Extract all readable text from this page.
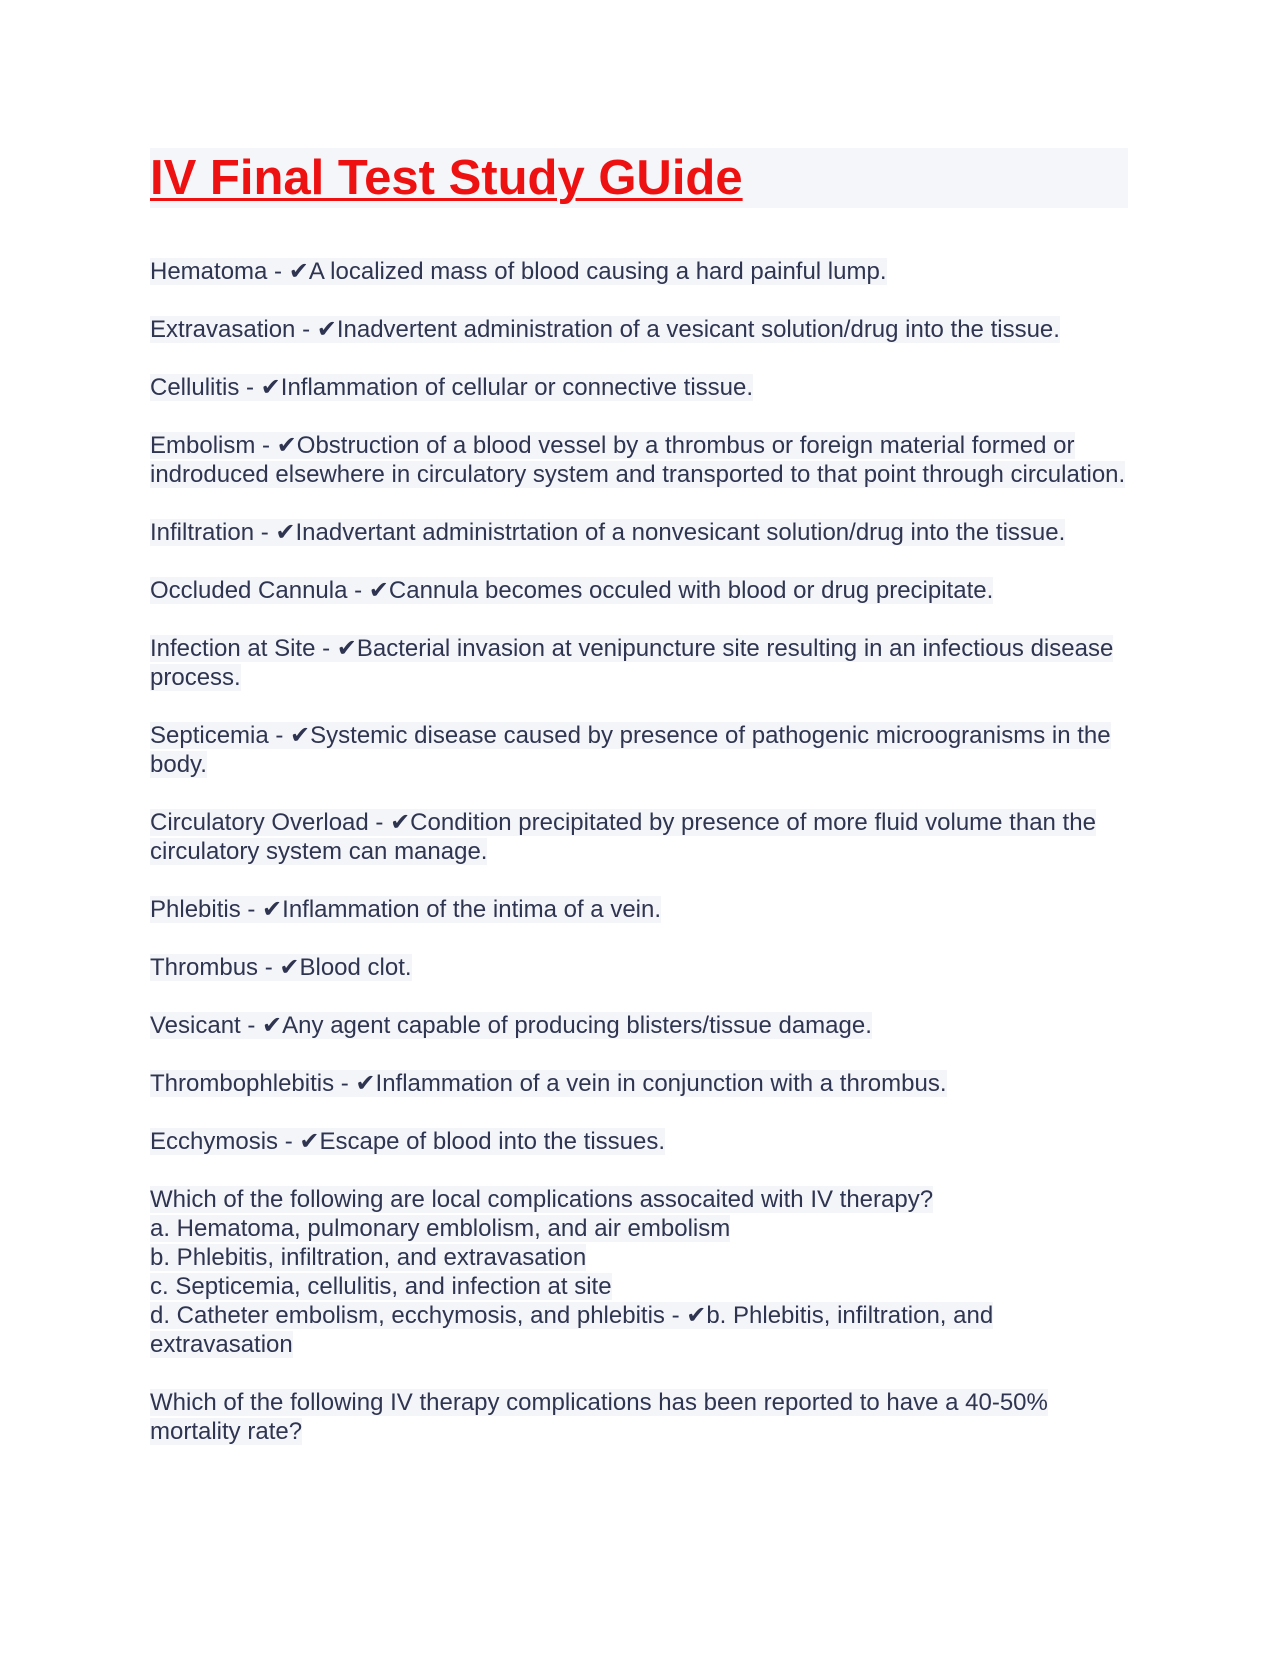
IV Final Test Study GUide

Hematoma - ✔A localized mass of blood causing a hard painful lump.

Extravasation - ✔Inadvertent administration of a vesicant solution/drug into the tissue.

Cellulitis - ✔Inflammation of cellular or connective tissue.

Embolism - ✔Obstruction of a blood vessel by a thrombus or foreign material formed or indroduced elsewhere in circulatory system and transported to that point through circulation.

Infiltration - ✔Inadvertant administrtation of a nonvesicant solution/drug into the tissue.

Occluded Cannula - ✔Cannula becomes occuled with blood or drug precipitate.

Infection at Site - ✔Bacterial invasion at venipuncture site resulting in an infectious disease process.

Septicemia - ✔Systemic disease caused by presence of pathogenic microogranisms in the body.

Circulatory Overload - ✔Condition precipitated by presence of more fluid volume than the circulatory system can manage.

Phlebitis - ✔Inflammation of the intima of a vein.

Thrombus - ✔Blood clot.

Vesicant - ✔Any agent capable of producing blisters/tissue damage.

Thrombophlebitis - ✔Inflammation of a vein in conjunction with a thrombus.

Ecchymosis - ✔Escape of blood into the tissues.

Which of the following are local complications assocaited with IV therapy?
a. Hematoma, pulmonary emblolism, and air embolism
b. Phlebitis, infiltration, and extravasation
c. Septicemia, cellulitis, and infection at site
d. Catheter embolism, ecchymosis, and phlebitis - ✔b. Phlebitis, infiltration, and extravasation

Which of the following IV therapy complications has been reported to have a 40-50% mortality rate?
